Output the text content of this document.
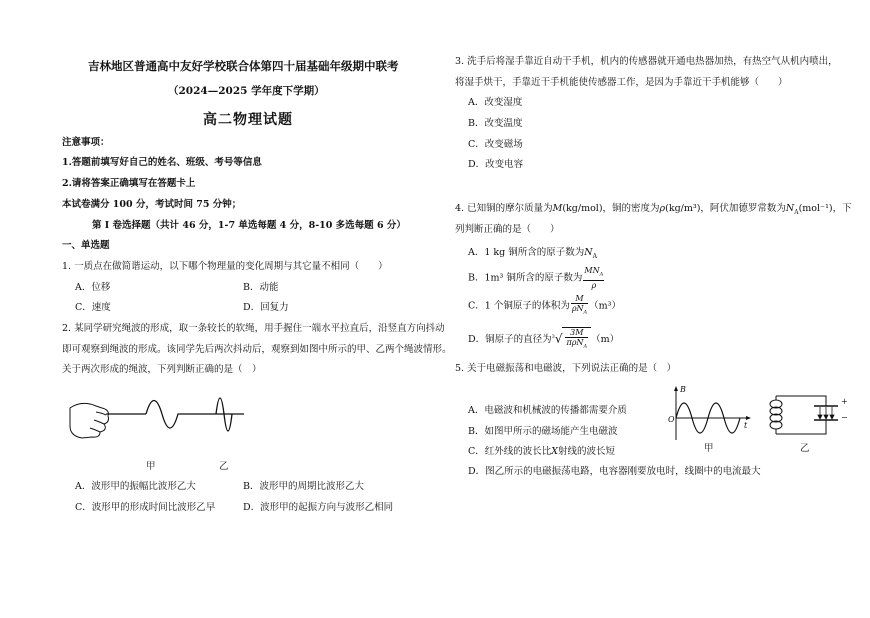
吉林地区普通高中友好学校联合体第四十届基础年级期中联考
（2024—2025 学年度下学期）
高二物理试题
注意事项：
1.答题前填写好自己的姓名、班级、考号等信息
2.请将答案正确填写在答题卡上
本试卷满分 100 分，考试时间 75 分钟；
第 I 卷选择题（共计 46 分，1-7 单选每题 4 分，8-10 多选每题 6 分）
一、单选题
1. 一质点在做简谐运动，以下哪个物理量的变化周期与其它量不相同（　　）
A．位移	B．动能
C．速度	D．回复力
2. 某同学研究绳波的形成，取一条较长的软绳，用手握住一端水平拉直后，沿竖直方向抖动
即可观察到绳波的形成。该同学先后两次抖动后，观察到如图中所示的甲、乙两个绳波情形。
关于两次形成的绳波，下列判断正确的是（　）
甲	乙
A．波形甲的振幅比波形乙大	B．波形甲的周期比波形乙大
C．波形甲的形成时间比波形乙早	D．波形甲的起振方向与波形乙相同
3. 洗手后将湿手靠近自动干手机，机内的传感器就开通电热器加热，有热空气从机内喷出，
将湿手烘干，手靠近干手机能使传感器工作，是因为手靠近干手机能够（　　）
A．改变湿度
B．改变温度
C．改变磁场
D．改变电容
4. 已知铜的摩尔质量为M(kg/mol)，铜的密度为ρ(kg/m³)，阿伏加德罗常数为$N_A(mol^{-1})$，下
列判断正确的是（　　）
A．1 kg 铜所含的原子数为$N_A$
B．1m³ 铜所含的原子数为 $\frac{MN_A}{\rho}$
C．1 个铜原子的体积为 $\frac{M}{\rho N_A} (m^3)$
D．铜原子的直径为$^3√ \frac{3M}{\pi\rho N_A} (m)$
5. 关于电磁振荡和电磁波，下列说法正确的是（　）
A．电磁波和机械波的传播都需要介质
B．如图甲所示的磁场能产生电磁波
C．红外线的波长比X射线的波长短
D．图乙所示的电磁振荡电路，电容器刚要放电时，线圈中的电流最大
B
t
O
甲
+
−
乙
